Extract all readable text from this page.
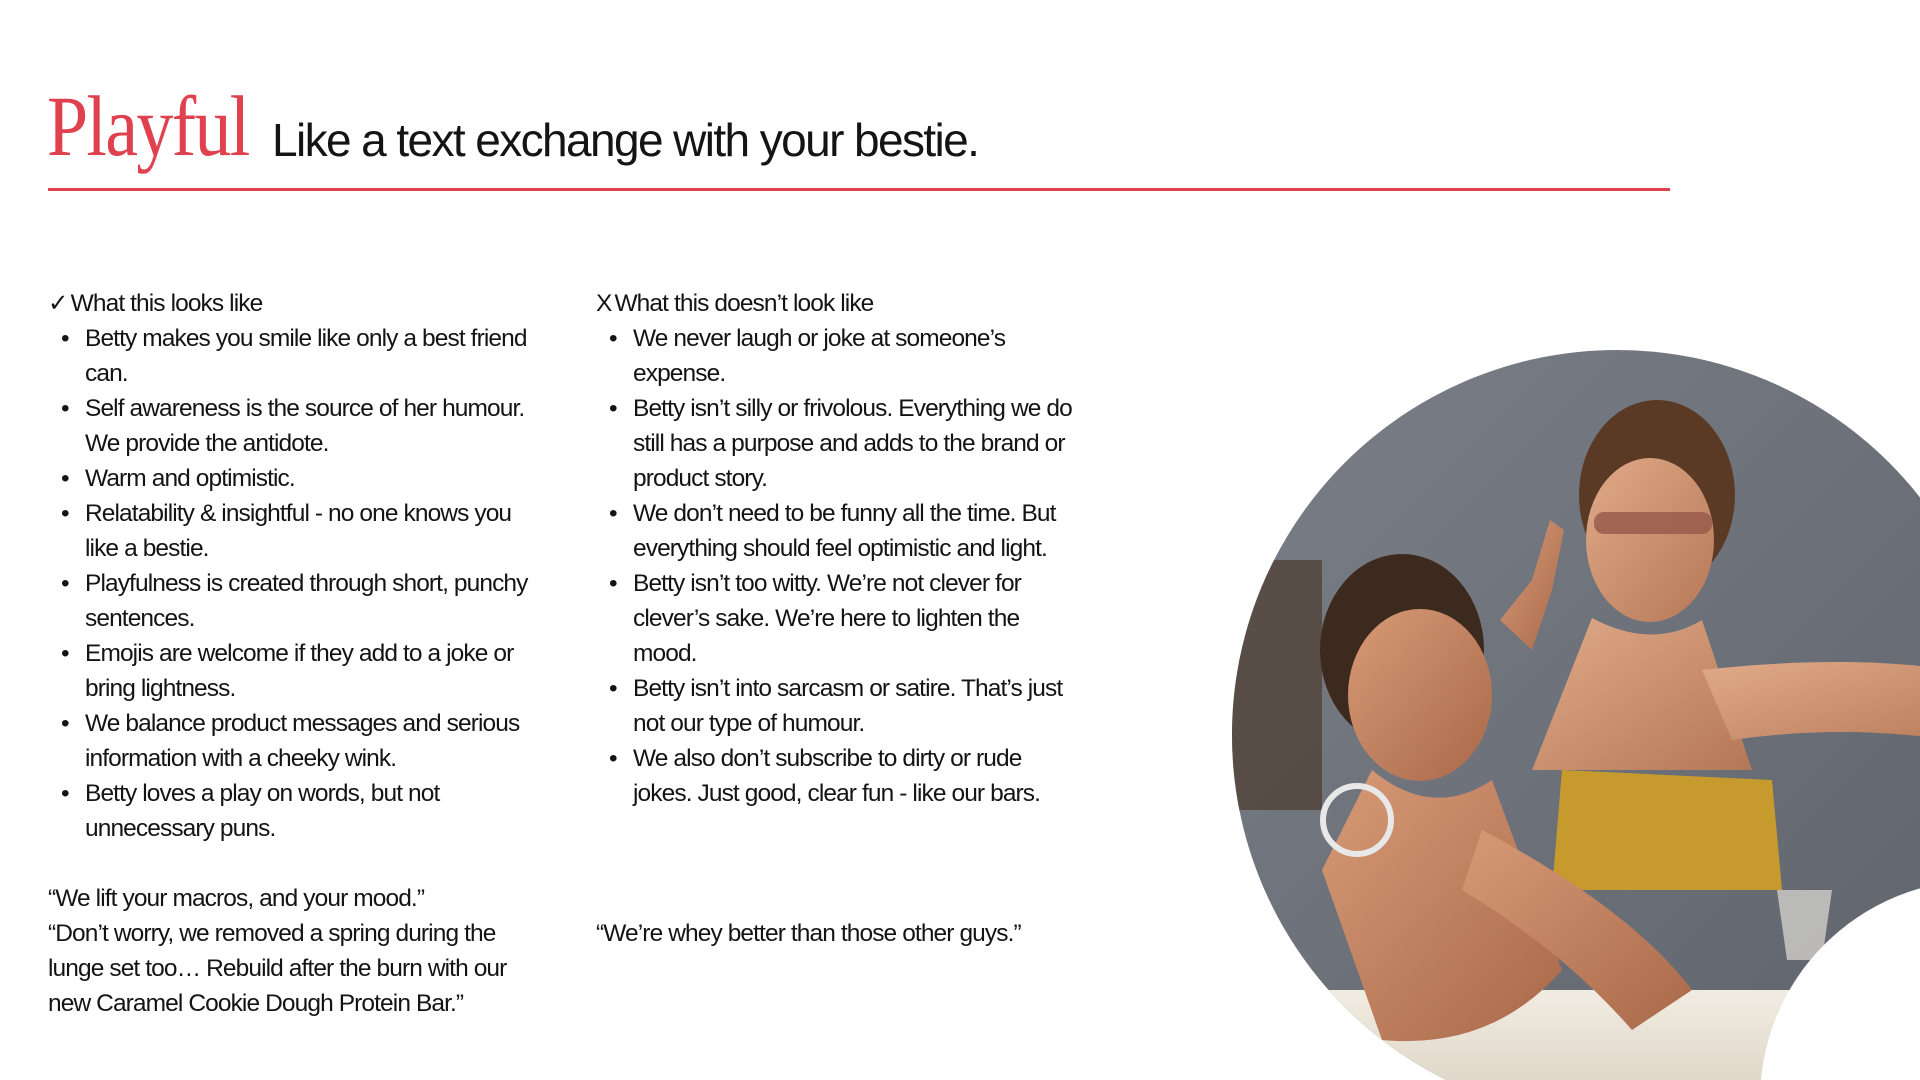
Playful Like a text exchange with your bestie.
✓ What this looks like
• Betty makes you smile like only a best friend can.
• Self awareness is the source of her humour. We provide the antidote.
• Warm and optimistic.
• Relatability & insightful - no one knows you like a bestie.
• Playfulness is created through short, punchy sentences.
• Emojis are welcome if they add to a joke or bring lightness.
• We balance product messages and serious information with a cheeky wink.
• Betty loves a play on words, but not unnecessary puns.
“We lift your macros, and your mood.”
“Don’t worry, we removed a spring during the lunge set too… Rebuild after the burn with our new Caramel Cookie Dough Protein Bar.”
X What this doesn’t look like
• We never laugh or joke at someone’s expense.
• Betty isn’t silly or frivolous. Everything we do still has a purpose and adds to the brand or product story.
• We don’t need to be funny all the time. But everything should feel optimistic and light.
• Betty isn’t too witty. We’re not clever for clever’s sake. We’re here to lighten the mood.
• Betty isn’t into sarcasm or satire. That’s just not our type of humour.
• We also don’t subscribe to dirty or rude jokes. Just good, clear fun - like our bars.
“We’re whey better than those other guys.”
